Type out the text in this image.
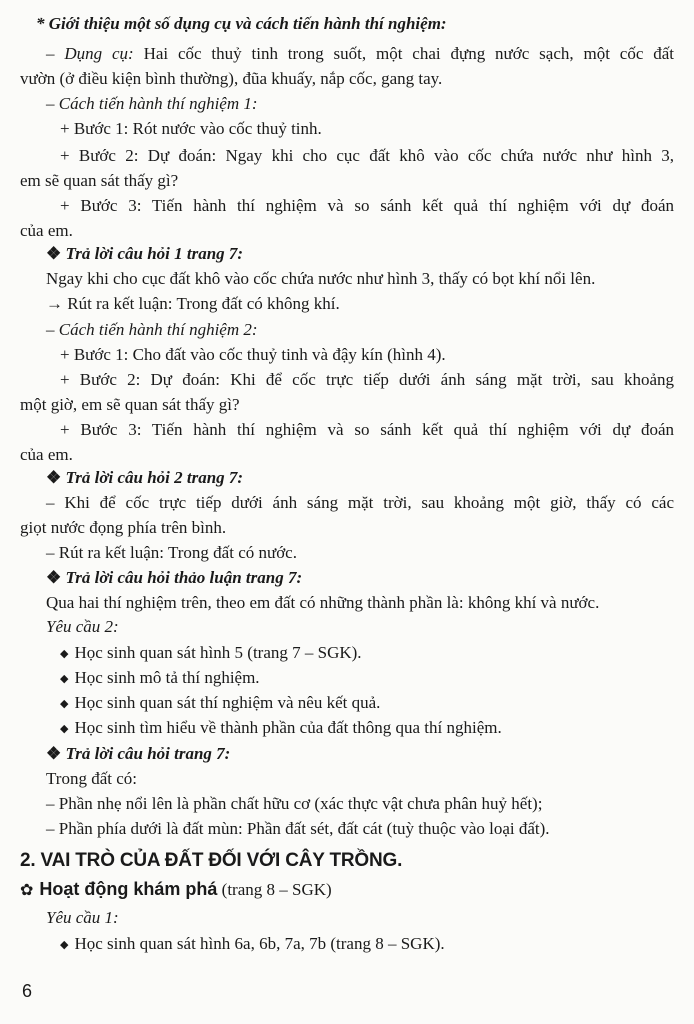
* Giới thiệu một số dụng cụ và cách tiến hành thí nghiệm:
– Dụng cụ: Hai cốc thuỷ tinh trong suốt, một chai đựng nước sạch, một cốc đất
vườn (ở điều kiện bình thường), đũa khuấy, nắp cốc, gang tay.
– Cách tiến hành thí nghiệm 1:
+ Bước 1: Rót nước vào cốc thuỷ tinh.
+ Bước 2: Dự đoán: Ngay khi cho cục đất khô vào cốc chứa nước như hình 3,
em sẽ quan sát thấy gì?
+ Bước 3: Tiến hành thí nghiệm và so sánh kết quả thí nghiệm với dự đoán
của em.
❖ Trả lời câu hỏi 1 trang 7:
Ngay khi cho cục đất khô vào cốc chứa nước như hình 3, thấy có bọt khí nổi lên.
→ Rút ra kết luận: Trong đất có không khí.
– Cách tiến hành thí nghiệm 2:
+ Bước 1: Cho đất vào cốc thuỷ tinh và đậy kín (hình 4).
+ Bước 2: Dự đoán: Khi để cốc trực tiếp dưới ánh sáng mặt trời, sau khoảng
một giờ, em sẽ quan sát thấy gì?
+ Bước 3: Tiến hành thí nghiệm và so sánh kết quả thí nghiệm với dự đoán
của em.
❖ Trả lời câu hỏi 2 trang 7:
– Khi để cốc trực tiếp dưới ánh sáng mặt trời, sau khoảng một giờ, thấy có các
giọt nước đọng phía trên bình.
– Rút ra kết luận: Trong đất có nước.
❖ Trả lời câu hỏi thảo luận trang 7:
Qua hai thí nghiệm trên, theo em đất có những thành phần là: không khí và nước.
Yêu cầu 2:
◆ Học sinh quan sát hình 5 (trang 7 – SGK).
◆ Học sinh mô tả thí nghiệm.
◆ Học sinh quan sát thí nghiệm và nêu kết quả.
◆ Học sinh tìm hiểu về thành phần của đất thông qua thí nghiệm.
❖ Trả lời câu hỏi trang 7:
Trong đất có:
– Phần nhẹ nổi lên là phần chất hữu cơ (xác thực vật chưa phân huỷ hết);
– Phần phía dưới là đất mùn: Phần đất sét, đất cát (tuỳ thuộc vào loại đất).
2. VAI TRÒ CỦA ĐẤT ĐỐI VỚI CÂY TRỒNG.
✿ Hoạt động khám phá (trang 8 – SGK)
Yêu cầu 1:
◆ Học sinh quan sát hình 6a, 6b, 7a, 7b (trang 8 – SGK).
6
